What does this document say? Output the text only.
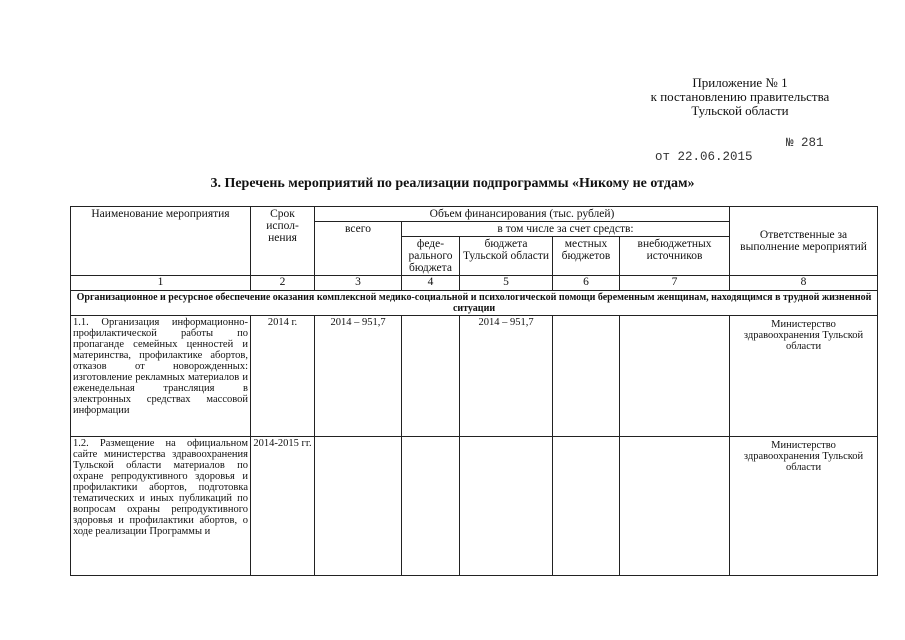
Приложение № 1
к постановлению правительства
Тульской области

от 22.06.2015

№ 281

3. Перечень мероприятий по реализации подпрограммы «Никому не отдам»
Наименование мероприятия	Срок испол-нения	Объем финансирования (тыс. рублей)					Ответственные за выполнение мероприятий
		всего	в том числе за счет средств:				
			феде-рального бюджета	бюджета Тульской области	местных бюджетов	внебюджетных источников	
1	2	3	4	5	6	7	8
Организационное и ресурсное обеспечение оказания комплексной медико-социальной и психологической помощи беременным женщинам, находящимся в трудной жизненной ситуации							
1.1. Организация информационно-профилактической работы по пропаганде семейных ценностей и материнства, профилактике абортов, отказов от новорожденных: изготовление рекламных материалов и еженедельная трансляция в электронных средствах массовой информации	2014 г.	2014 – 951,7		2014 – 951,7			Министерство здравоохранения Тульской области
1.2. Размещение на официальном сайте министерства здравоохранения Тульской области материалов по охране репродуктивного здоровья и профилактики абортов, подготовка тематических и иных публикаций по вопросам охраны репродуктивного здоровья и профилактики абортов, о ходе реализации Программы и	2014-2015 гг.						Министерство здравоохранения Тульской области
